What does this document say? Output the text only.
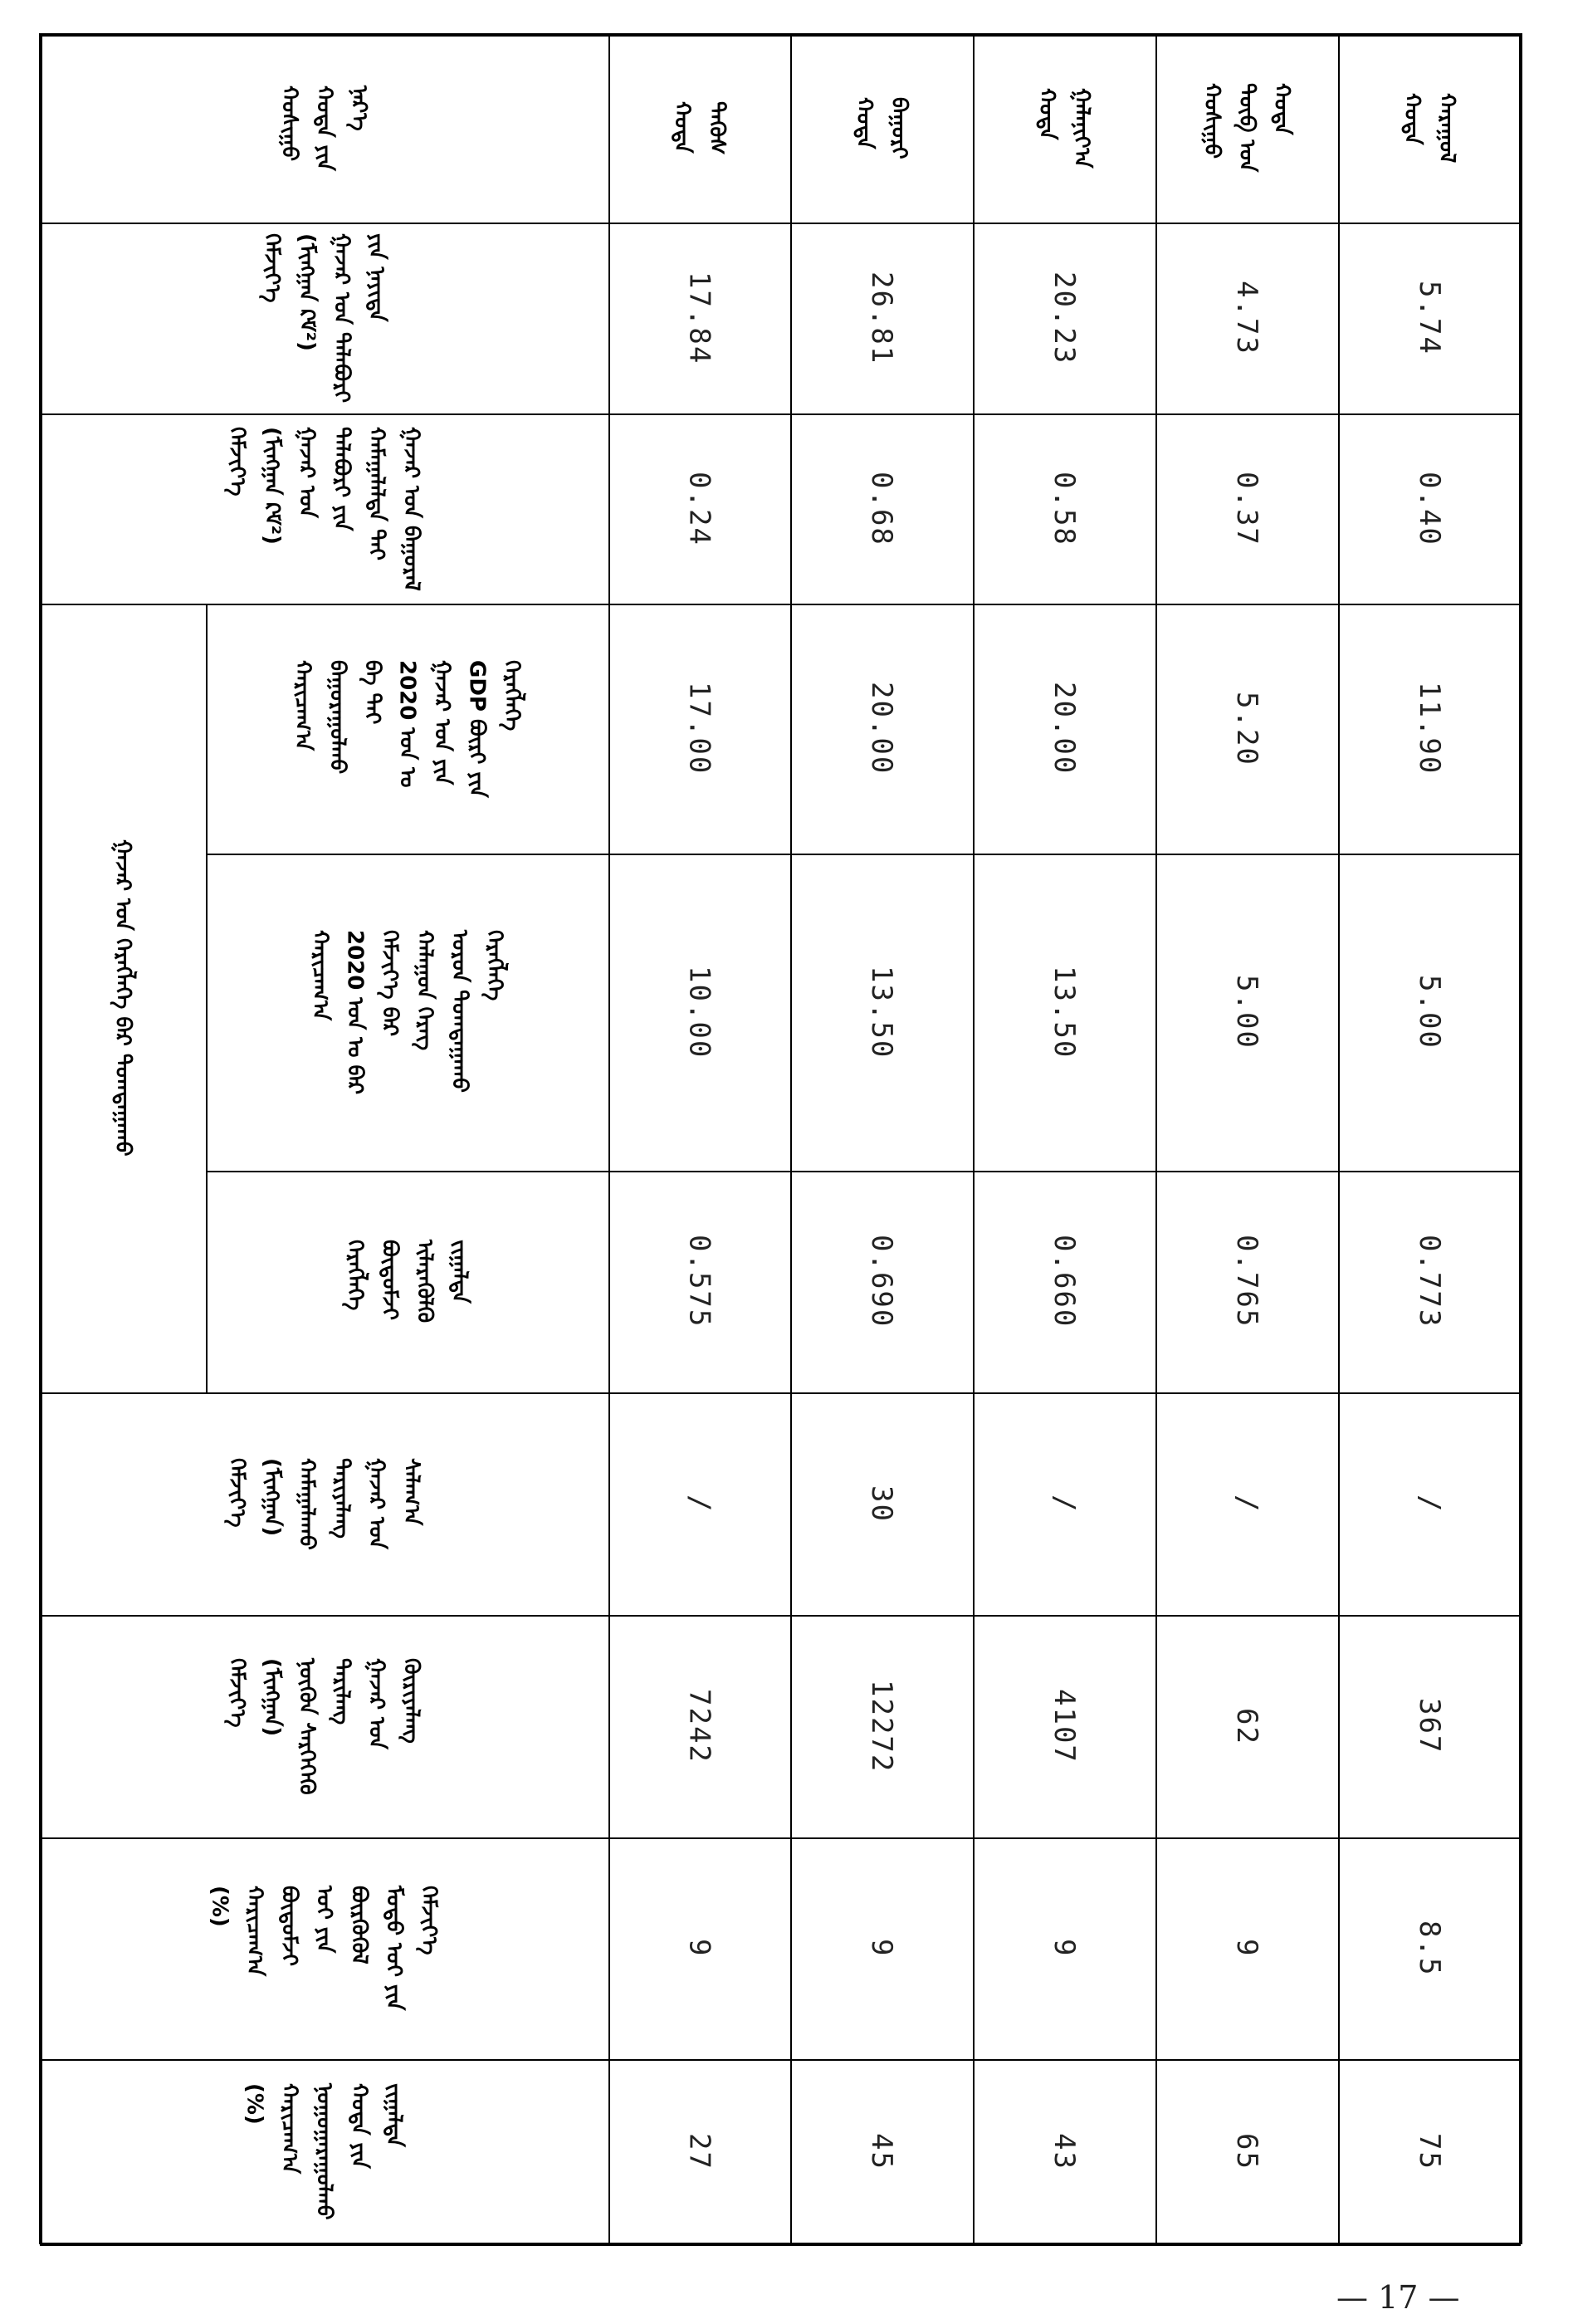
ᠬᠣᠰᠢᠭᠤ
ᠬᠣᠲᠠ ᠶᠢᠨ
ᠨᠡᠷ᠎ᠡ
ᠬᠡᠮᠵᠢᠶ᠎ᠡ
(ᠮᠢᠩᠭ᠋ᠠᠨ ᠺᠮ²)
ᠭᠠᠵᠠᠷ ᠤᠨ ᠲᠠᠯᠠᠪᠤᠷᠢ
ᠶᠢᠨ ᠨᠡᠶᠢᠲᠡ
ᠬᠡᠮᠵᠢᠶ᠎ᠡ
(ᠮᠢᠩᠭ᠋ᠠᠨ ᠺᠮ²)
ᠭᠠᠵᠠᠷ ᠤᠨ
ᠲᠠᠯᠠᠪᠤᠷᠢ ᠶᠢᠨ
ᠬᠠᠮᠠᠭᠠᠯᠠᠯᠲᠠ ᠲᠠᠢ
ᠭᠠᠵᠠᠷ ᠤᠨ ᠪᠠᠭᠤᠷᠠᠯ
ᠬᠠᠷᠢᠴᠠᠭ᠎ᠠ
ᠪᠠᠭᠤᠷᠠᠭᠤᠯᠬᠤ
ᠪᠠ ᠲᠠᠢ
2020 ᠣᠨ ᠤ
ᠭᠠᠵᠠᠷ ᠤᠨ ᠶᠢᠨ
GDP ᠪᠦᠷᠢ ᠶᠢᠨ
ᠬᠡᠷᠡᠭᠯᠡᠭᠡ
ᠬᠠᠷᠢᠴᠠᠭ᠎ᠠ
2020 ᠣᠨ ᠤ ᠪᠡᠷ
ᠬᠡᠮᠵᠢᠶ᠎ᠡ ᠪᠡᠷ
ᠬᠠᠯᠠᠭᠤᠨ ᠬᠡᠷᠡᠭ
ᠣᠷᠣᠨ ᠲᠣᠭᠲᠠᠭᠠᠬᠤ
ᠬᠡᠷᠡᠭᠯᠡᠭᠡ
ᠬᠡᠷᠡᠭᠯᠡᠭᠡ
ᠪᠦᠲᠦᠮᠵᠢ
ᠢᠯᠡᠷᠡᠭᠦᠯᠬᠦ
ᠵᠢᠭᠠᠯᠲᠠ
ᠬᠡᠮᠵᠢᠶ᠎ᠡ
(ᠮᠢᠩᠭ᠋ᠠᠨ)
ᠬᠠᠮᠠᠭᠠᠯᠠᠬᠤ
ᠲᠠᠷᠢᠶᠠᠯᠠᠩ
ᠭᠠᠵᠠᠷ ᠤᠨ
ᠰᠠᠯᠠᠭ᠎ᠠ
ᠬᠡᠮᠵᠢᠶ᠎ᠡ
(ᠮᠢᠩᠭ᠋ᠠᠨ)
ᠨᠥᠬᠥᠨ ᠰᠡᠷᠭᠡᠭᠡᠬᠦ
ᠲᠠᠷᠢᠯᠠᠩ
ᠭᠠᠵᠠᠷ ᠤᠨ
ᠬᠦᠷᠢᠶᠡᠯᠡᠩ
(%)
ᠬᠠᠷᠢᠴᠠᠭ᠎ᠠ
ᠪᠦᠲᠦᠮᠵᠢ
ᠣᠢ ᠶᠢᠨ
ᠪᠦᠷᠬᠦᠭᠦᠯ
ᠮᠣᠳᠤ ᠣᠢ ᠶᠢᠨ
ᠬᠡᠮᠵᠢᠶ᠎ᠡ
(%)
ᠬᠠᠷᠢᠴᠠᠭ᠎ᠠ
ᠨᠣᠭᠤᠭᠠᠷᠠᠭᠤᠯᠬᠤ
ᠬᠣᠲᠠ ᠶᠢᠨ
ᠵᠢᠭᠠᠯᠲᠠ
ᠭᠠᠵᠠᠷ ᠤᠨ ᠬᠡᠷᠡᠭᠯᠡᠭᠡ ᠪᠡᠷ ᠲᠣᠭᠲᠠᠭᠠᠬᠤ
ᠬᠣᠲᠠ
ᠲᠡᠭᠦᠰ
17.84
0.24
17.00
10.00
0.575
/
7242
9
27
ᠬᠣᠲᠠ
ᠪᠠᠭᠤᠷᠢ
26.81
0.68
20.00
13.50
0.690
30
12272
9
45
ᠬᠣᠲᠠ
ᠭᠠᠯᠠᠨᠢᠶ᠎ᠠ
20.23
0.58
20.00
13.50
0.660
/
4107
9
43
ᠬᠣᠰᠢᠭᠤ
ᠲᠥᠪ ᠤᠨ
ᠬᠣᠲᠠ
4.73
0.37
5.20
5.00
0.765
/
62
9
65
ᠬᠣᠲᠠ
ᠬᠠᠷᠠᠭᠤᠯ
5.74
0.40
11.90
5.00
0.773
/
367
8.5
75
— 17 —
